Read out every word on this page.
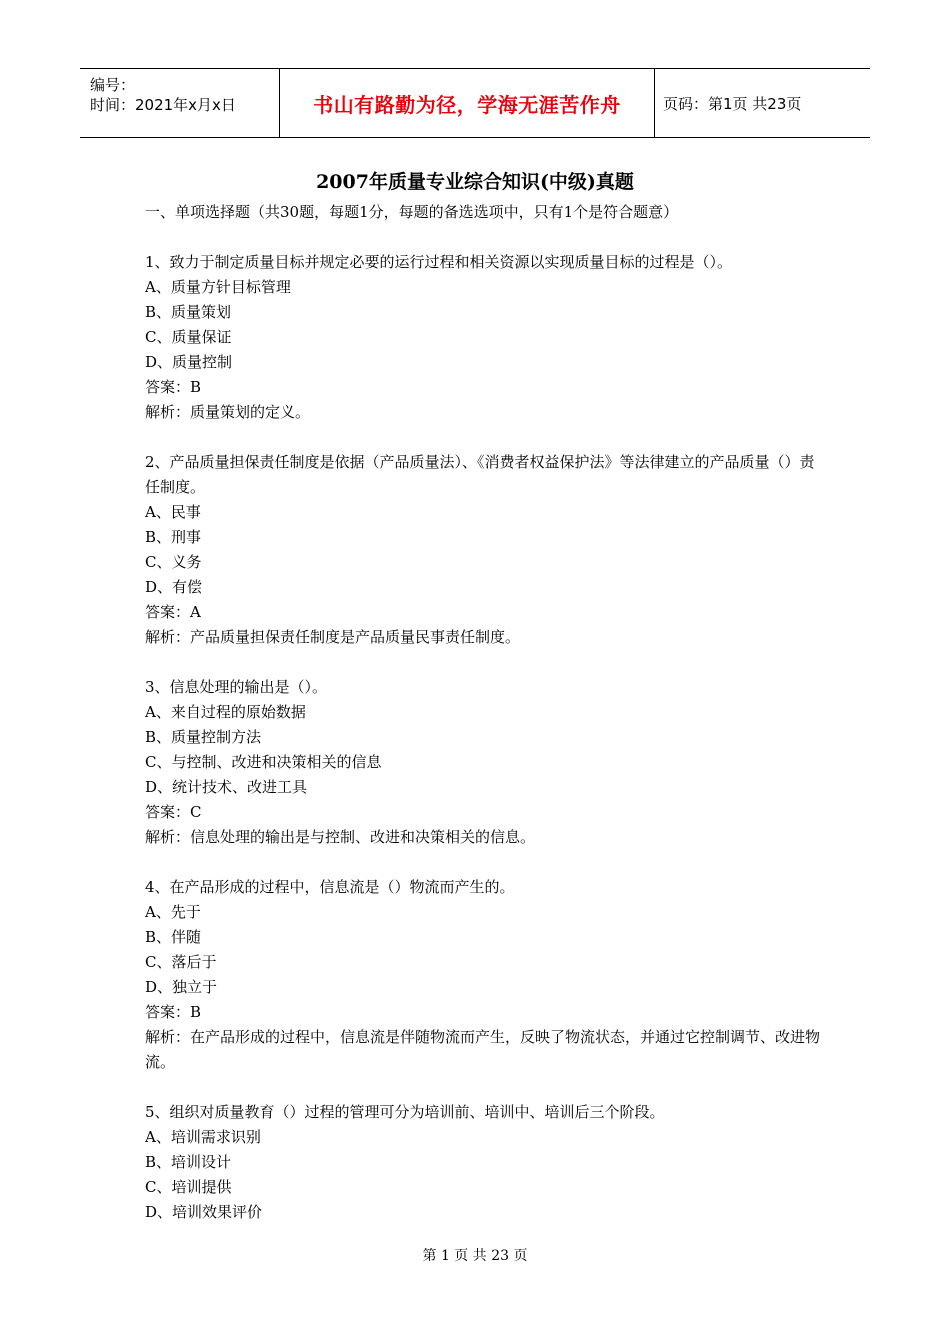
编号：
时间：2021年x月x日	书山有路勤为径，学海无涯苦作舟	页码：第1页 共23页
2007年质量专业综合知识(中级)真题
一、单项选择题（共30题，每题1分，每题的备选选项中，只有1个是符合题意）
1、致力于制定质量目标并规定必要的运行过程和相关资源以实现质量目标的过程是（）。
A、质量方针目标管理
B、质量策划
C、质量保证
D、质量控制
答案：B
解析：质量策划的定义。
2、产品质量担保责任制度是依据（产品质量法）、《消费者权益保护法》等法律建立的产品质量（）责任制度。
A、民事
B、刑事
C、义务
D、有偿
答案：A
解析：产品质量担保责任制度是产品质量民事责任制度。
3、信息处理的输出是（）。
A、来自过程的原始数据
B、质量控制方法
C、与控制、改进和决策相关的信息
D、统计技术、改进工具
答案：C
解析：信息处理的输出是与控制、改进和决策相关的信息。
4、在产品形成的过程中，信息流是（）物流而产生的。
A、先于
B、伴随
C、落后于
D、独立于
答案：B
解析：在产品形成的过程中，信息流是伴随物流而产生，反映了物流状态，并通过它控制调节、改进物流。
5、组织对质量教育（）过程的管理可分为培训前、培训中、培训后三个阶段。
A、培训需求识别
B、培训设计
C、培训提供
D、培训效果评价
第 1 页 共 23 页
